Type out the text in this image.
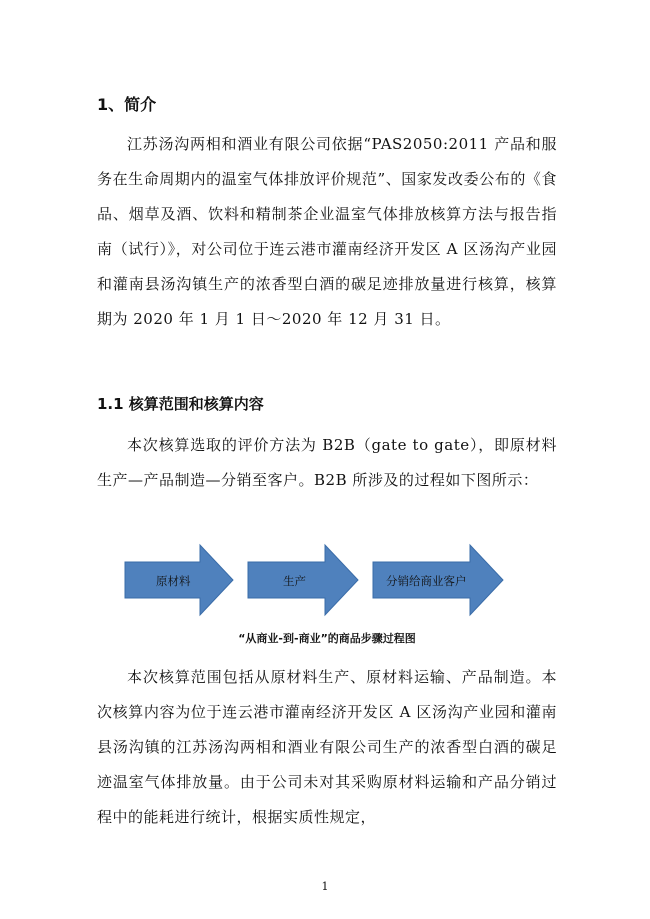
1、简介

江苏汤沟两相和酒业有限公司依据“PAS2050:2011 产品和服务在生命周期内的温室气体排放评价规范”、国家发改委公布的《食品、烟草及酒、饮料和精制茶企业温室气体排放核算方法与报告指南（试行）》，对公司位于连云港市灌南经济开发区 A 区汤沟产业园和灌南县汤沟镇生产的浓香型白酒的碳足迹排放量进行核算，核算期为 2020 年 1 月 1 日～2020 年 12 月 31 日。

1.1 核算范围和核算内容

本次核算选取的评价方法为 B2B（gate to gate），即原材料生产—产品制造—分销至客户。B2B 所涉及的过程如下图所示：

原材料	生产	分销给商业客户

“从商业-到-商业”的商品步骤过程图

本次核算范围包括从原材料生产、原材料运输、产品制造。本次核算内容为位于连云港市灌南经济开发区 A 区汤沟产业园和灌南县汤沟镇的江苏汤沟两相和酒业有限公司生产的浓香型白酒的碳足迹温室气体排放量。由于公司未对其采购原材料运输和产品分销过程中的能耗进行统计，根据实质性规定，

1
